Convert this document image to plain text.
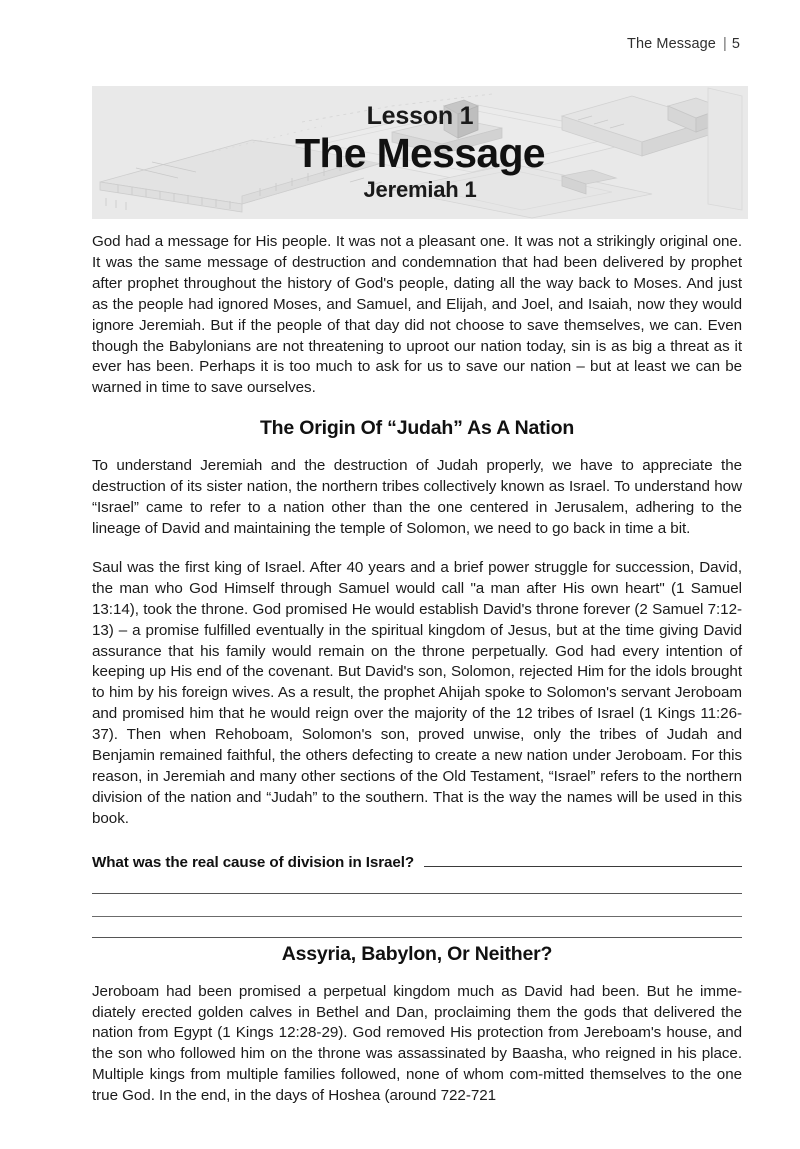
The Message | 5
Lesson 1
The Message
Jeremiah 1

God had a message for His people. It was not a pleasant one. It was not a strikingly original one. It was the same message of destruction and condemnation that had been delivered by prophet after prophet throughout the history of God's people, dating all the way back to Moses. And just as the people had ignored Moses, and Samuel, and Elijah, and Joel, and Isaiah, now they would ignore Jeremiah. But if the people of that day did not choose to save themselves, we can. Even though the Babylonians are not threatening to uproot our nation today, sin is as big a threat as it ever has been. Perhaps it is too much to ask for us to save our nation – but at least we can be warned in time to save ourselves.

The Origin Of “Judah” As A Nation

To understand Jeremiah and the destruction of Judah properly, we have to appreciate the destruction of its sister nation, the northern tribes collectively known as Israel. To understand how “Israel” came to refer to a nation other than the one centered in Jerusalem, adhering to the lineage of David and maintaining the temple of Solomon, we need to go back in time a bit.

Saul was the first king of Israel. After 40 years and a brief power struggle for succession, David, the man who God Himself through Samuel would call "a man after His own heart" (1 Samuel 13:14), took the throne. God promised He would establish David's throne forever (2 Samuel 7:12-13) – a promise fulfilled eventually in the spiritual kingdom of Jesus, but at the time giving David assurance that his family would remain on the throne perpetually. God had every intention of keeping up His end of the covenant. But David's son, Solomon, rejected Him for the idols brought to him by his foreign wives. As a result, the prophet Ahijah spoke to Solomon's servant Jeroboam and promised him that he would reign over the majority of the 12 tribes of Israel (1 Kings 11:26-37). Then when Rehoboam, Solomon's son, proved unwise, only the tribes of Judah and Benjamin remained faithful, the others defecting to create a new nation under Jeroboam. For this reason, in Jeremiah and many other sections of the Old Testament, “Israel” refers to the northern division of the nation and “Judah” to the southern. That is the way the names will be used in this book.

What was the real cause of division in Israel?
Assyria, Babylon, Or Neither?

Jeroboam had been promised a perpetual kingdom much as David had been. But he imme-diately erected golden calves in Bethel and Dan, proclaiming them the gods that delivered the nation from Egypt (1 Kings 12:28-29). God removed His protection from Jereboam's house, and the son who followed him on the throne was assassinated by Baasha, who reigned in his place. Multiple kings from multiple families followed, none of whom com-mitted themselves to the one true God. In the end, in the days of Hoshea (around 722-721
